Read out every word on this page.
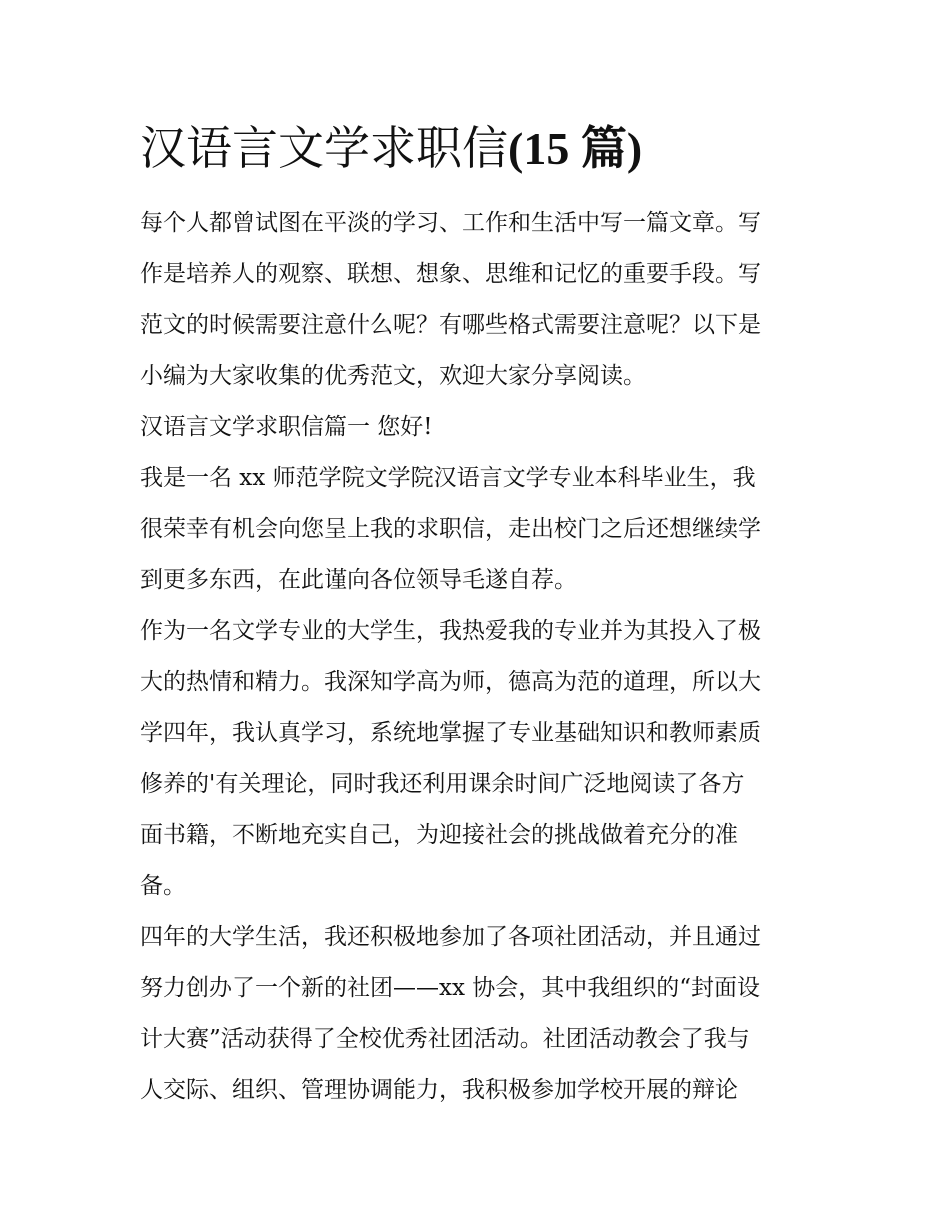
汉语言文学求职信(15 篇)

每个人都曾试图在平淡的学习、工作和生活中写一篇文章。写
作是培养人的观察、联想、想象、思维和记忆的重要手段。写
范文的时候需要注意什么呢？有哪些格式需要注意呢？以下是
小编为大家收集的优秀范文，欢迎大家分享阅读。

汉语言文学求职信篇一 您好!

我是一名 xx 师范学院文学院汉语言文学专业本科毕业生，我
很荣幸有机会向您呈上我的求职信，走出校门之后还想继续学
到更多东西，在此谨向各位领导毛遂自荐。

作为一名文学专业的大学生，我热爱我的专业并为其投入了极
大的热情和精力。我深知学高为师，德高为范的道理，所以大
学四年，我认真学习，系统地掌握了专业基础知识和教师素质
修养的'有关理论，同时我还利用课余时间广泛地阅读了各方
面书籍，不断地充实自己，为迎接社会的挑战做着充分的准
备。

四年的大学生活，我还积极地参加了各项社团活动，并且通过
努力创办了一个新的社团——xx 协会，其中我组织的“封面设
计大赛”活动获得了全校优秀社团活动。社团活动教会了我与
人交际、组织、管理协调能力，我积极参加学校开展的辩论
